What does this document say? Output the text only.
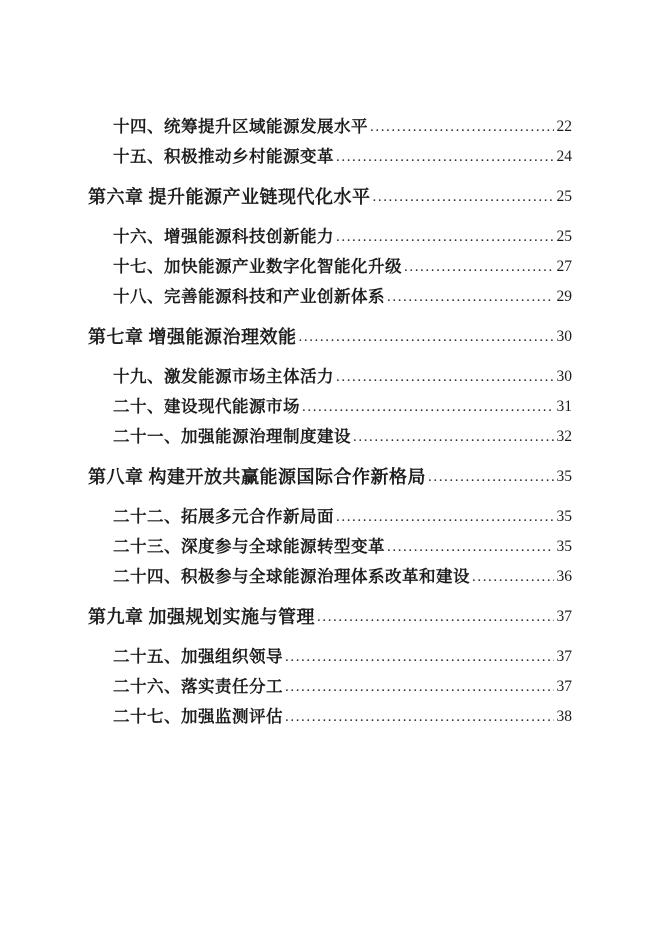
十四、统筹提升区域能源发展水平 .....	22
十五、积极推动乡村能源变革 .....	24
第六章 提升能源产业链现代化水平 .....	25
十六、增强能源科技创新能力 .....	25
十七、加快能源产业数字化智能化升级 .....	27
十八、完善能源科技和产业创新体系 .....	29
第七章 增强能源治理效能 .....	30
十九、激发能源市场主体活力 .....	30
二十、建设现代能源市场 .....	31
二十一、加强能源治理制度建设 .....	32
第八章 构建开放共赢能源国际合作新格局 .....	35
二十二、拓展多元合作新局面 .....	35
二十三、深度参与全球能源转型变革 .....	35
二十四、积极参与全球能源治理体系改革和建设 .....	36
第九章 加强规划实施与管理 .....	37
二十五、加强组织领导 .....	37
二十六、落实责任分工 .....	37
二十七、加强监测评估 .....	38
